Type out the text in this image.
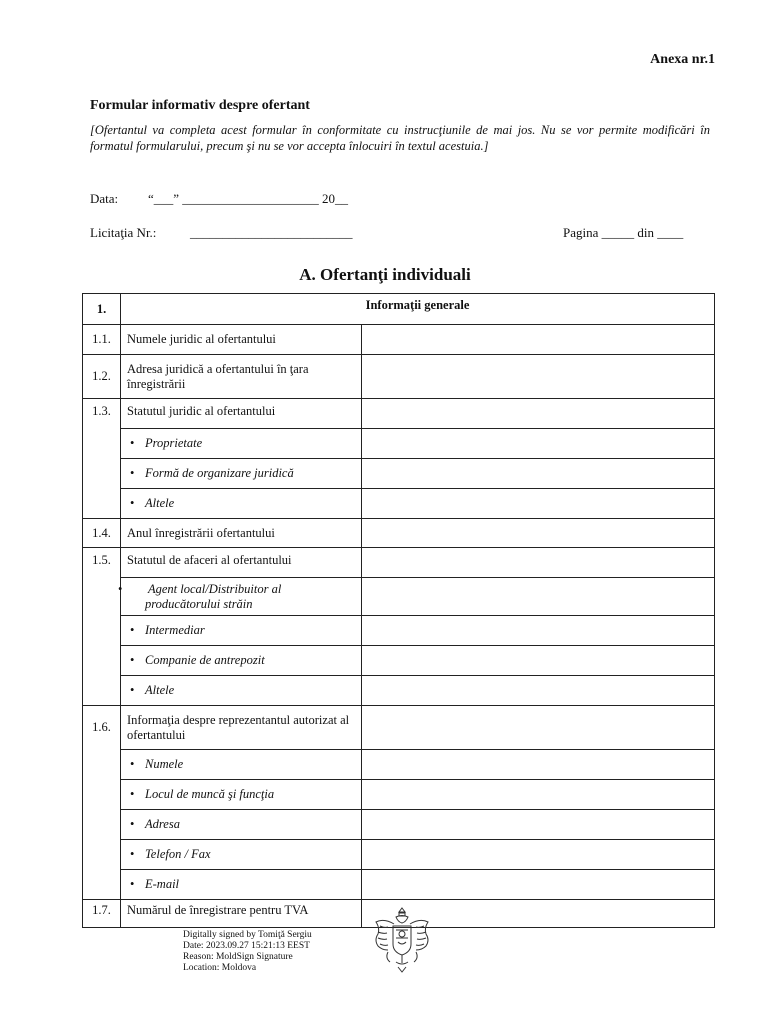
Anexa nr.1
Formular informativ despre ofertant
[Ofertantul va completa acest formular în conformitate cu instrucţiunile de mai jos. Nu se vor permite modificări în formatul formularului, precum şi nu se vor accepta înlocuiri în textul acestuia.]
Data: “___” _____________________ 20__
Licitaţia Nr.:	_________________________	Pagina _____ din ____
A. Ofertanţi individuali
1.	Informaţii generale	
1.1.	Numele juridic al ofertantului	
1.2.	Adresa juridică a ofertantului în ţara înregistrării	
1.3.	Statutul juridic al ofertantului	
	• Proprietate	
	• Formă de organizare juridică	
	• Altele	
1.4.	Anul înregistrării ofertantului	
1.5.	Statutul de afaceri al ofertantului	

	• Agent local/Distribuitor al producătorului străin

	• Intermediar	
	• Companie de antrepozit	
	• Altele	
1.6.	Informaţia despre reprezentantul autorizat al ofertantului	
	• Numele	
	• Locul de muncă şi funcţia	
	• Adresa	
	• Telefon / Fax	
	• E-mail	
1.7.	Numărul de înregistrare pentru TVA	
Digitally signed by Tomiţă Sergiu
Date: 2023.09.27 15:21:13 EEST
Reason: MoldSign Signature
Location: Moldova
